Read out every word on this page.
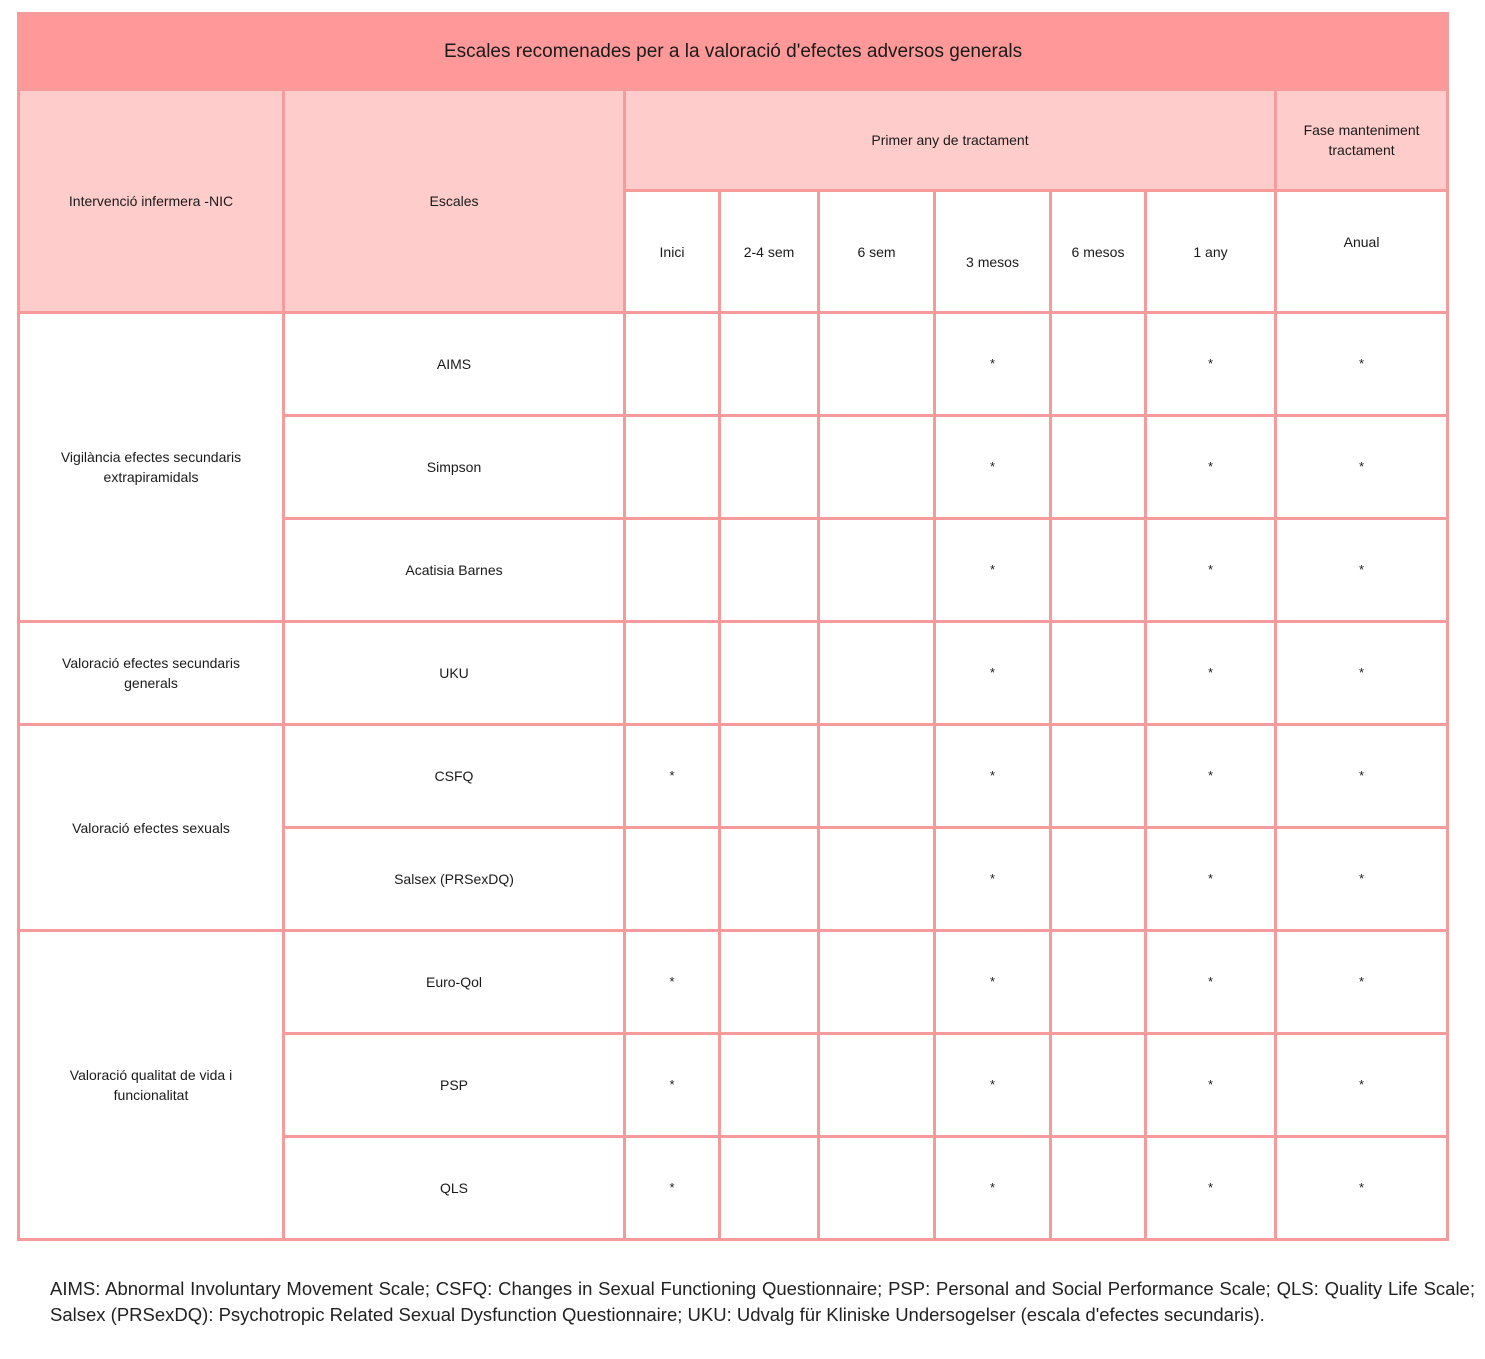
Escales recomenades per a la valoració d'efectes adversos generals								
Intervenció infermera -NIC	Escales	Primer any de tractament						Fase manteniment tractament
		Inici	2-4 sem	6 sem	3 mesos	6 mesos	1 any	Anual
Vigilància efectes secundaris extrapiramidals	AIMS				*		*	*
	Simpson				*		*	*
	Acatisia Barnes				*		*	*
Valoració efectes secundaris generals	UKU				*		*	*
Valoració efectes sexuals	CSFQ	*			*		*	*
	Salsex (PRSexDQ)				*		*	*
Valoració qualitat de vida i funcionalitat	Euro-Qol	*			*		*	*
	PSP	*			*		*	*
	QLS	*			*		*	*
AIMS: Abnormal Involuntary Movement Scale; CSFQ: Changes in Sexual Functioning Questionnaire; PSP: Personal and Social Performance Scale; QLS: Quality Life Scale; Salsex (PRSexDQ): Psychotropic Related Sexual Dysfunction Questionnaire; UKU: Udvalg für Kliniske Undersogelser (escala d'efectes secundaris).
